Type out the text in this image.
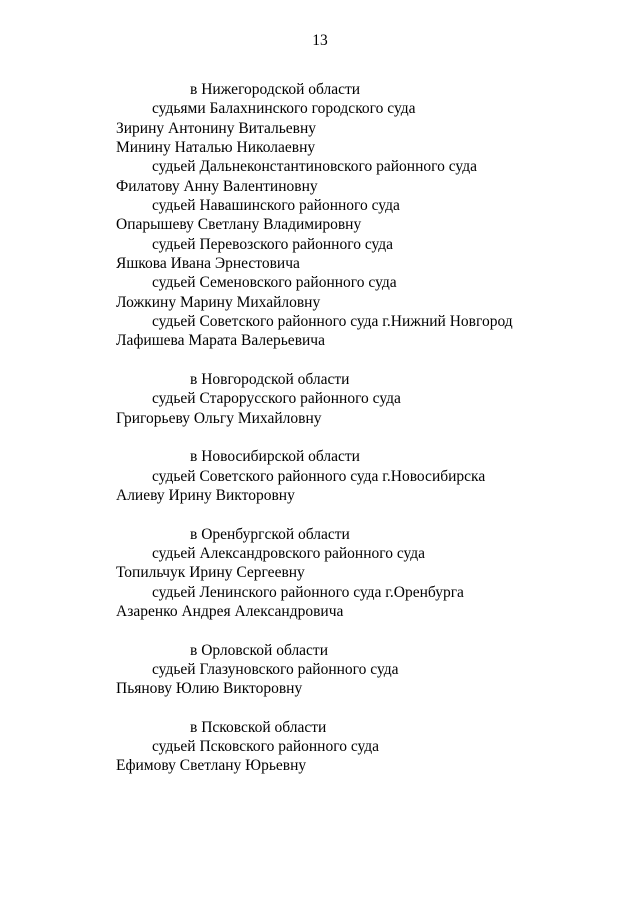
13
в Нижегородской области
судьями Балахнинского городского суда
Зирину Антонину Витальевну
Минину Наталью Николаевну
судьей Дальнеконстантиновского районного суда
Филатову Анну Валентиновну
судьей Навашинского районного суда
Опарышеву Светлану Владимировну
судьей Перевозского районного суда
Яшкова Ивана Эрнестовича
судьей Семеновского районного суда
Ложкину Марину Михайловну
судьей Советского районного суда г.Нижний Новгород
Лафишева Марата Валерьевича
в Новгородской области
судьей Старорусского районного суда
Григорьеву Ольгу Михайловну
в Новосибирской области
судьей Советского районного суда г.Новосибирска
Алиеву Ирину Викторовну
в Оренбургской области
судьей Александровского районного суда
Топильчук Ирину Сергеевну
судьей Ленинского районного суда г.Оренбурга
Азаренко Андрея Александровича
в Орловской области
судьей Глазуновского районного суда
Пьянову Юлию Викторовну
в Псковской области
судьей Псковского районного суда
Ефимову Светлану Юрьевну
